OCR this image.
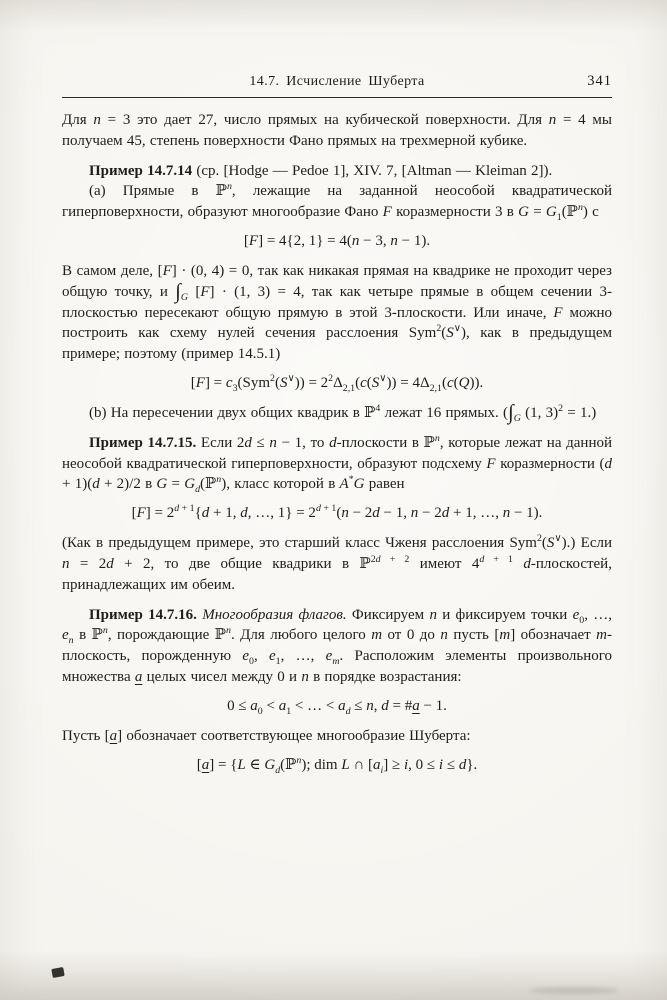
14.7. Исчисление Шуберта	341
Для n = 3 это дает 27, число прямых на кубической поверхности. Для n = 4 мы получаем 45, степень поверхности Фано прямых на трехмерной кубике.
Пример 14.7.14 (ср. [Hodge — Pedoe 1], XIV. 7, [Altman — Kleiman 2]).
(a) Прямые в ℙ$^n$, лежащие на заданной неособой квадратической гиперповерхности, образуют многообразие Фано F коразмерности 3 в $G = G_1(ℙ^n)$ с
[F] = 4{2, 1} = 4(n − 3, n − 1).
В самом деле, [F] · (0, 4) = 0, так как никакая прямая на квадрике не проходит через общую точку, и $\int_G$ [F] · (1, 3) = 4, так как четыре прямые в общем сечении 3-плоскостью пересекают общую прямую в этой 3-плоскости. Или иначе, F можно построить как схему нулей сечения расслоения Sym$^2$(S∨), как в предыдущем примере; поэтому (пример 14.5.1)
$[F] = c_3(Sym^2(S^\vee)) = 2^2\Delta_{2,1}(c(S^\vee)) = 4\Delta_{2,1}(c(Q))$.
(b) На пересечении двух общих квадрик в ℙ$^4$ лежат 16 прямых. ($\int_G$ (1, 3)$^2$ = 1.)
Пример 14.7.15. Если 2d ≤ n − 1, то d-плоскости в ℙ$^n$, которые лежат на данной неособой квадратической гиперповерхности, образуют подсхему F коразмерности (d + 1)(d + 2)/2 в $G = G_d(ℙ^n)$, класс которой в A*G равен
$[F] = 2^d$ $^{+ 1}${d + 1, d, …, $1\} = 2^d$ $^{+ 1}$(n − 2d − 1, n − 2d + 1, …, n − 1).
(Как в предыдущем примере, это старший класс Чженя расслоения Sym$^2$(S∨).) Если n = 2d + 2, то две общие квадрики в ℙ$^{2d}$ $^{+ 2}$ имеют 4$^d$ $^{+ 1}$ d-плоскостей, принадлежащих им обеим.
Пример 14.7.16. Многообразия флагов. Фиксируем n и фиксируем точки $e_0$, …, $e_n$ в ℙ$^n$, порождающие ℙ$^n$. Для любого целого m от 0 до n пусть [m] обозначает m-плоскость, порожденную $e_0$, $e_1$, …, $e_m$. Расположим элементы произвольного множества a целых чисел между 0 и n в порядке возрастания:
$0 \le a_0 < a_1$ < … < $a_d \le n$, d = #a − 1.
Пусть [a] обозначает соответствующее многообразие Шуберта:
[a] = {L ∈ $G_d(ℙ^n)$; dim L ∩ $[a_i] \ge i$, 0 ≤ i ≤ d}.
